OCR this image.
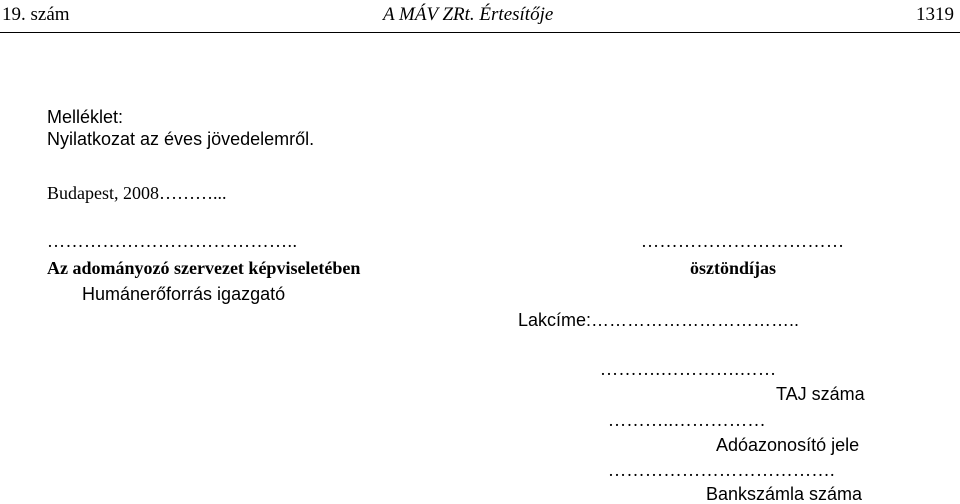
19. szám	A MÁV ZRt. Értesítője	1319
Melléklet:
Nyilatkozat az éves jövedelemről.
Budapest, 2008………...
…………………………………..
Az adományozó szervezet képviseletében
Humánerőforrás igazgató
……………………………
ösztöndíjas
Lakcíme:……………………………..
……….………….……
TAJ száma
………..……………
Adóazonosító jele
……………………………….
Bankszámla száma
